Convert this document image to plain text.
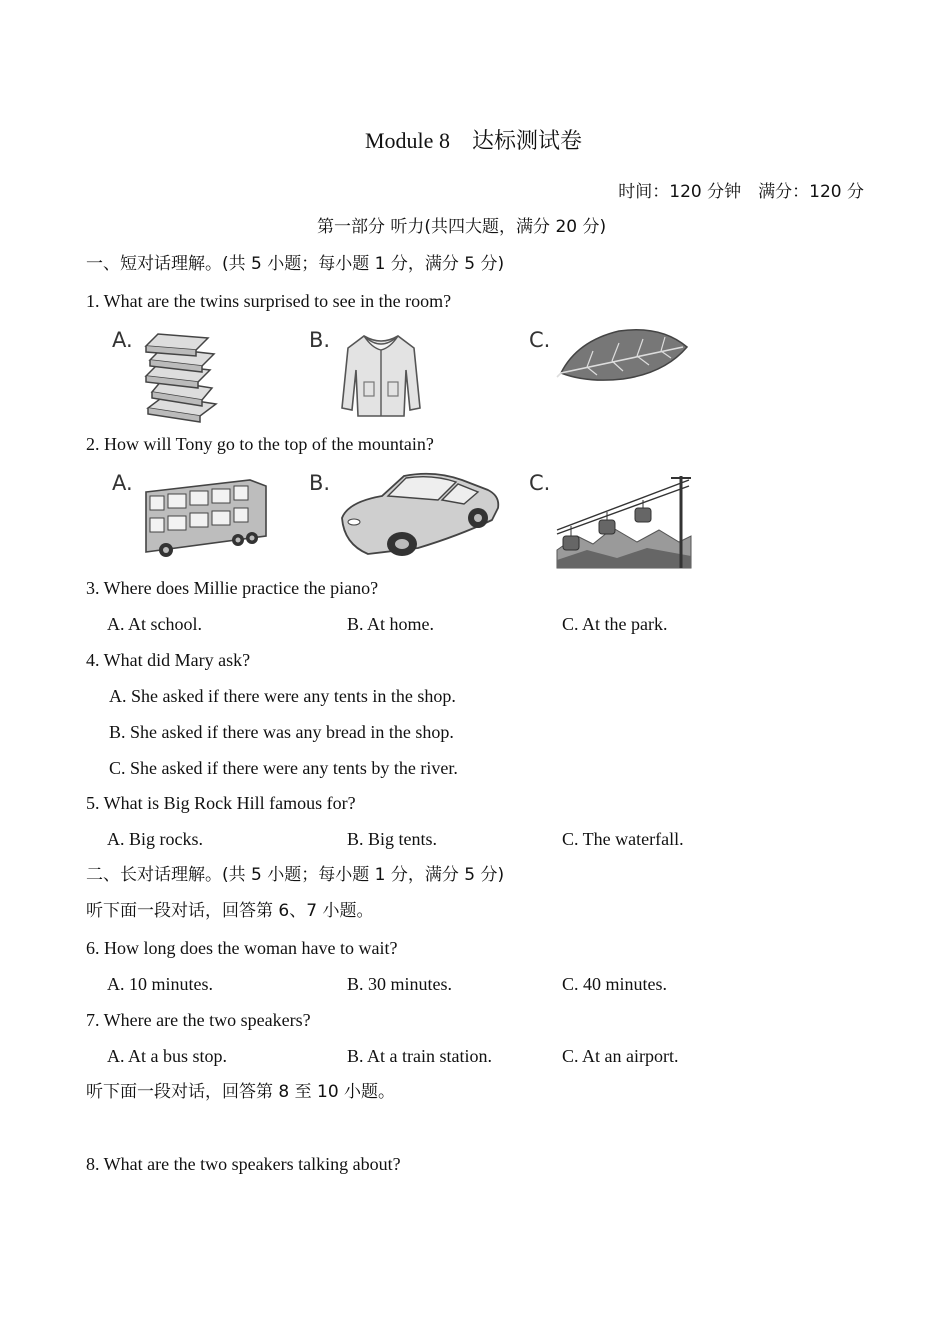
Module 8　达标测试卷
时间：120 分钟　满分：120 分
第一部分 听力(共四大题，满分 20 分)
一、短对话理解。(共 5 小题；每小题 1 分，满分 5 分)
1. What are the twins surprised to see in the room?
A.	B.	C.
2. How will Tony go to the top of the mountain?
A.	B.	C.
3. Where does Millie practice the piano?
A. At school.	B. At home.	C. At the park.
4. What did Mary ask?
A. She asked if there were any tents in the shop.
B. She asked if there was any bread in the shop.
C. She asked if there were any tents by the river.
5. What is Big Rock Hill famous for?
A. Big rocks.	B. Big tents.	C. The waterfall.
二、长对话理解。(共 5 小题；每小题 1 分，满分 5 分)
听下面一段对话，回答第 6、7 小题。
6. How long does the woman have to wait?
A. 10 minutes.	B. 30 minutes.	C. 40 minutes.
7. Where are the two speakers?
A. At a bus stop.	B. At a train station.	C. At an airport.
听下面一段对话，回答第 8 至 10 小题。
8. What are the two speakers talking about?
